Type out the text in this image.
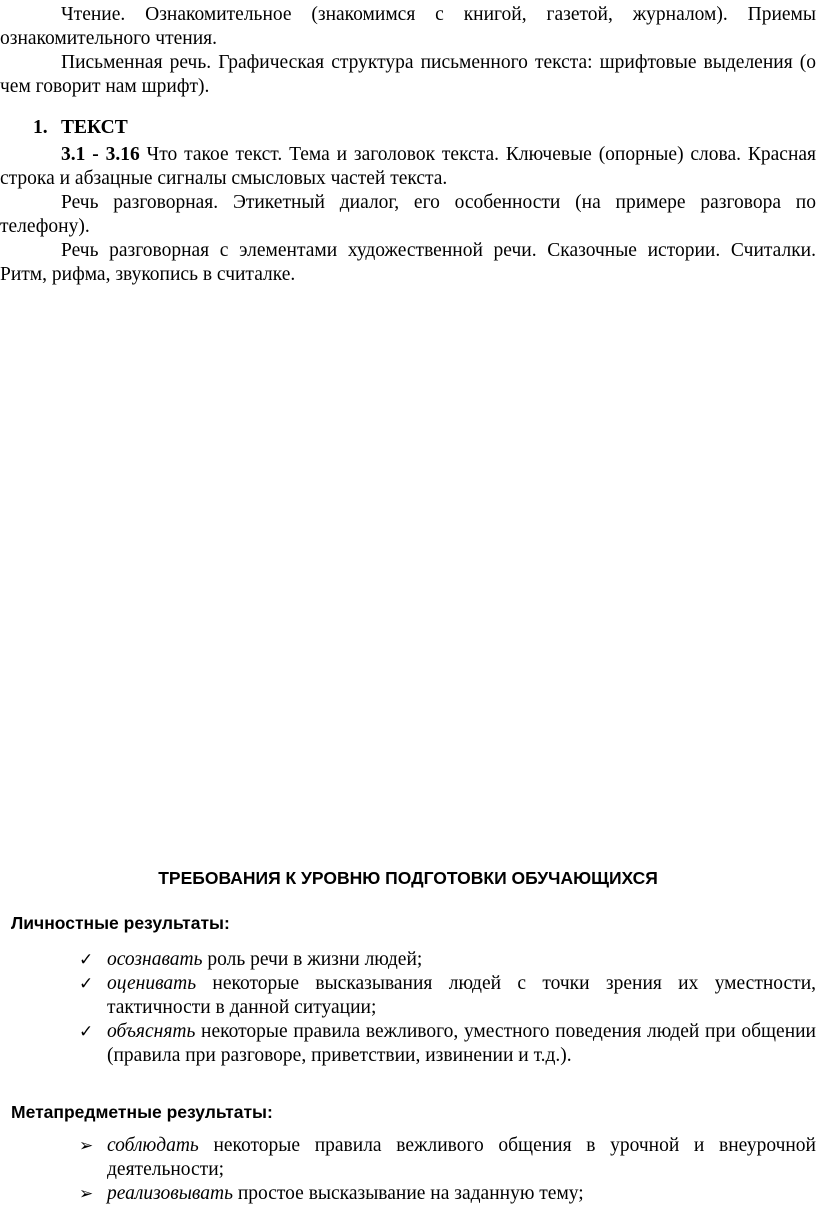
Чтение. Ознакомительное (знакомимся с книгой, газетой, журналом). Приемы ознакомительного чтения.

Письменная речь. Графическая структура письменного текста: шрифтовые выделения (о чем говорит нам шрифт).

1. ТЕКСТ

3.1 - 3.16 Что такое текст. Тема и заголовок текста. Ключевые (опорные) слова. Красная строка и абзацные сигналы смысловых частей текста.

Речь разговорная. Этикетный диалог, его особенности (на примере разговора по телефону).

Речь разговорная с элементами художественной речи. Сказочные истории. Считалки. Ритм, рифма, звукопись в считалке.

ТРЕБОВАНИЯ К УРОВНЮ ПОДГОТОВКИ ОБУЧАЮЩИХСЯ

Личностные результаты:

✓ осознавать роль речи в жизни людей;
✓ оценивать некоторые высказывания людей с точки зрения их уместности, тактичности в данной ситуации;
✓ объяснять некоторые правила вежливого, уместного поведения людей при общении (правила при разговоре, приветствии, извинении и т.д.).

Метапредметные результаты:

➢ соблюдать некоторые правила вежливого общения в урочной и внеурочной деятельности;
➢ реализовывать простое высказывание на заданную тему;
